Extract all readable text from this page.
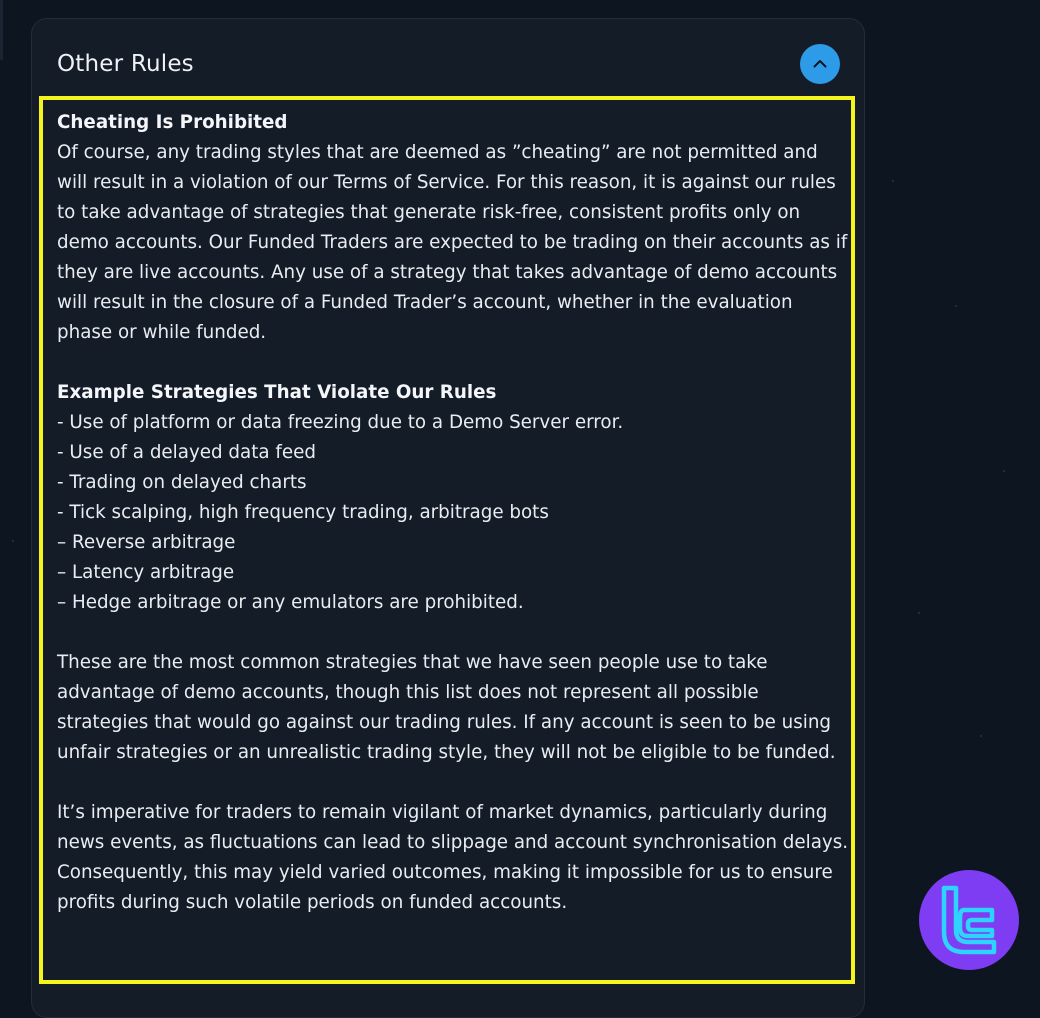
Other Rules

Cheating Is Prohibited

Of course, any trading styles that are deemed as ”cheating” are not permitted and will result in a violation of our Terms of Service. For this reason, it is against our rules to take advantage of strategies that generate risk-free, consistent profits only on demo accounts. Our Funded Traders are expected to be trading on their accounts as if they are live accounts. Any use of a strategy that takes advantage of demo accounts will result in the closure of a Funded Trader’s account, whether in the evaluation phase or while funded.

Example Strategies That Violate Our Rules

- Use of platform or data freezing due to a Demo Server error.

- Use of a delayed data feed

- Trading on delayed charts

- Tick scalping, high frequency trading, arbitrage bots

– Reverse arbitrage

– Latency arbitrage

– Hedge arbitrage or any emulators are prohibited.

These are the most common strategies that we have seen people use to take advantage of demo accounts, though this list does not represent all possible strategies that would go against our trading rules. If any account is seen to be using unfair strategies or an unrealistic trading style, they will not be eligible to be funded.

It’s imperative for traders to remain vigilant of market dynamics, particularly during news events, as fluctuations can lead to slippage and account synchronisation delays. Consequently, this may yield varied outcomes, making it impossible for us to ensure profits during such volatile periods on funded accounts.
